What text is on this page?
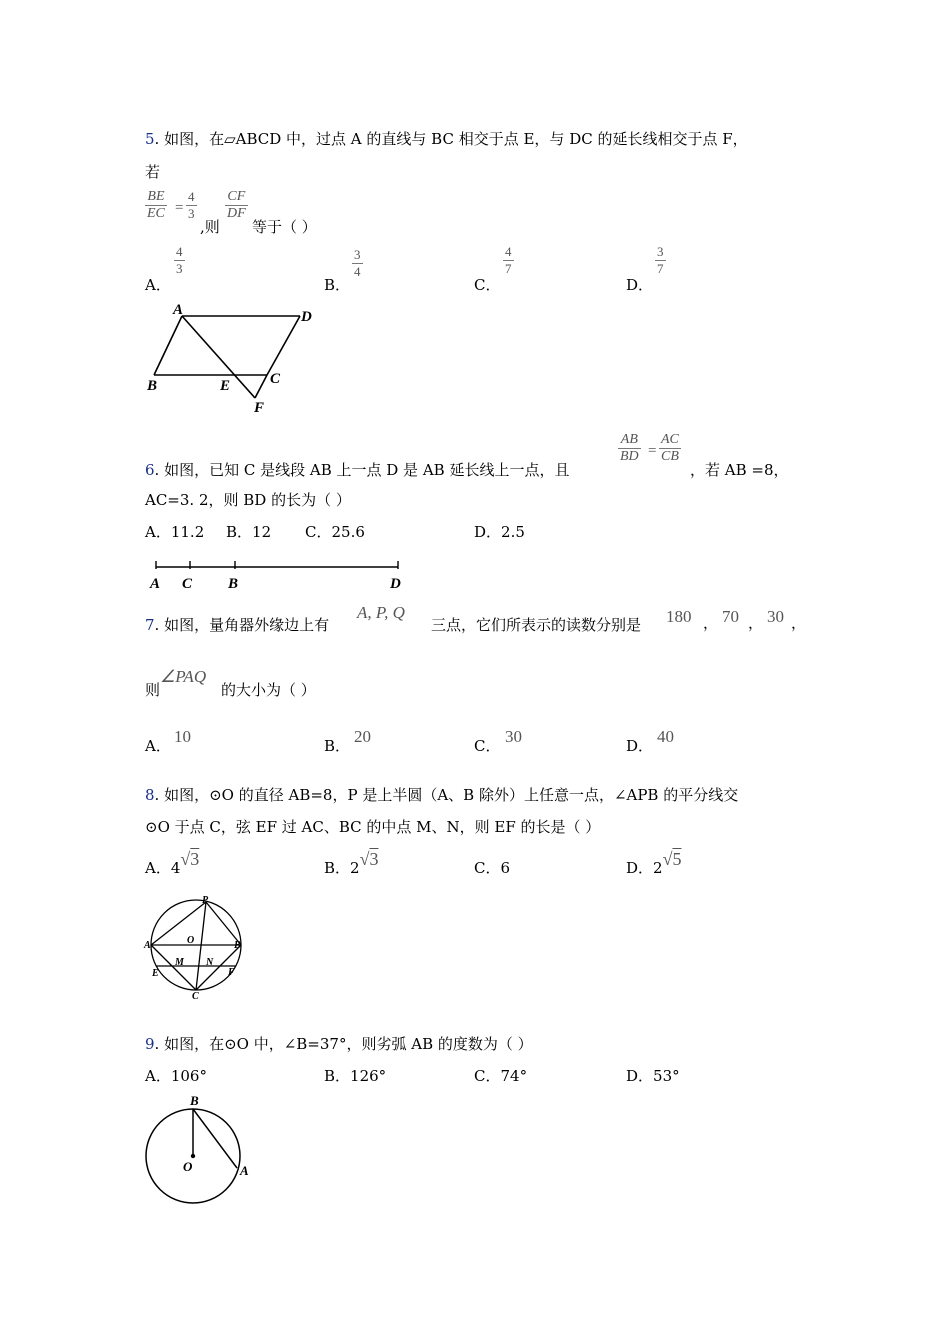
5. 如图，在▱ABCD 中，过点 A 的直线与 BC 相交于点 E，与 DC 的延长线相交于点 F，
若
$\frac{BE}{EC} = \frac{4}{3}$
,则
$\frac{CF}{DF}$
等于（ ）
A．
$\frac{4}{3}$
B．
$\frac{3}{4}$
C．
$\frac{4}{7}$
D．
$\frac{3}{7}$
A	D
B	E	C
F
6. 如图，已知 C 是线段 AB 上一点 D 是 AB 延长线上一点，且
$\frac{AB}{BD} = \frac{AC}{CB}$
，若 AB =8，
AC=3. 2，则 BD 的长为（ ）
A．11.2 B．12 C．25.6	D．2.5
A C B	D
7. 如图，量角器外缘边上有
A, P, Q
三点，它们所表示的读数分别是 180 ， 70 ， 30 ，
则
∠PAQ
的大小为（ ）
A． 10	B． 20	C． 30	D． 40
8. 如图，⊙O 的直径 AB=8，P 是上半圆（A、B 除外）上任意一点，∠APB 的平分线交
⊙O 于点 C，弦 EF 过 AC、BC 的中点 M、N，则 EF 的长是（ ）
A．4√3	B．2√3	C．6	D．2√5
P
A	B
O
M N
E	F
C
9. 如图，在⊙O 中，∠B=37°，则劣弧 AB 的度数为（ ）
A．106°	B．126°	C．74°	D．53°
B
O	A
